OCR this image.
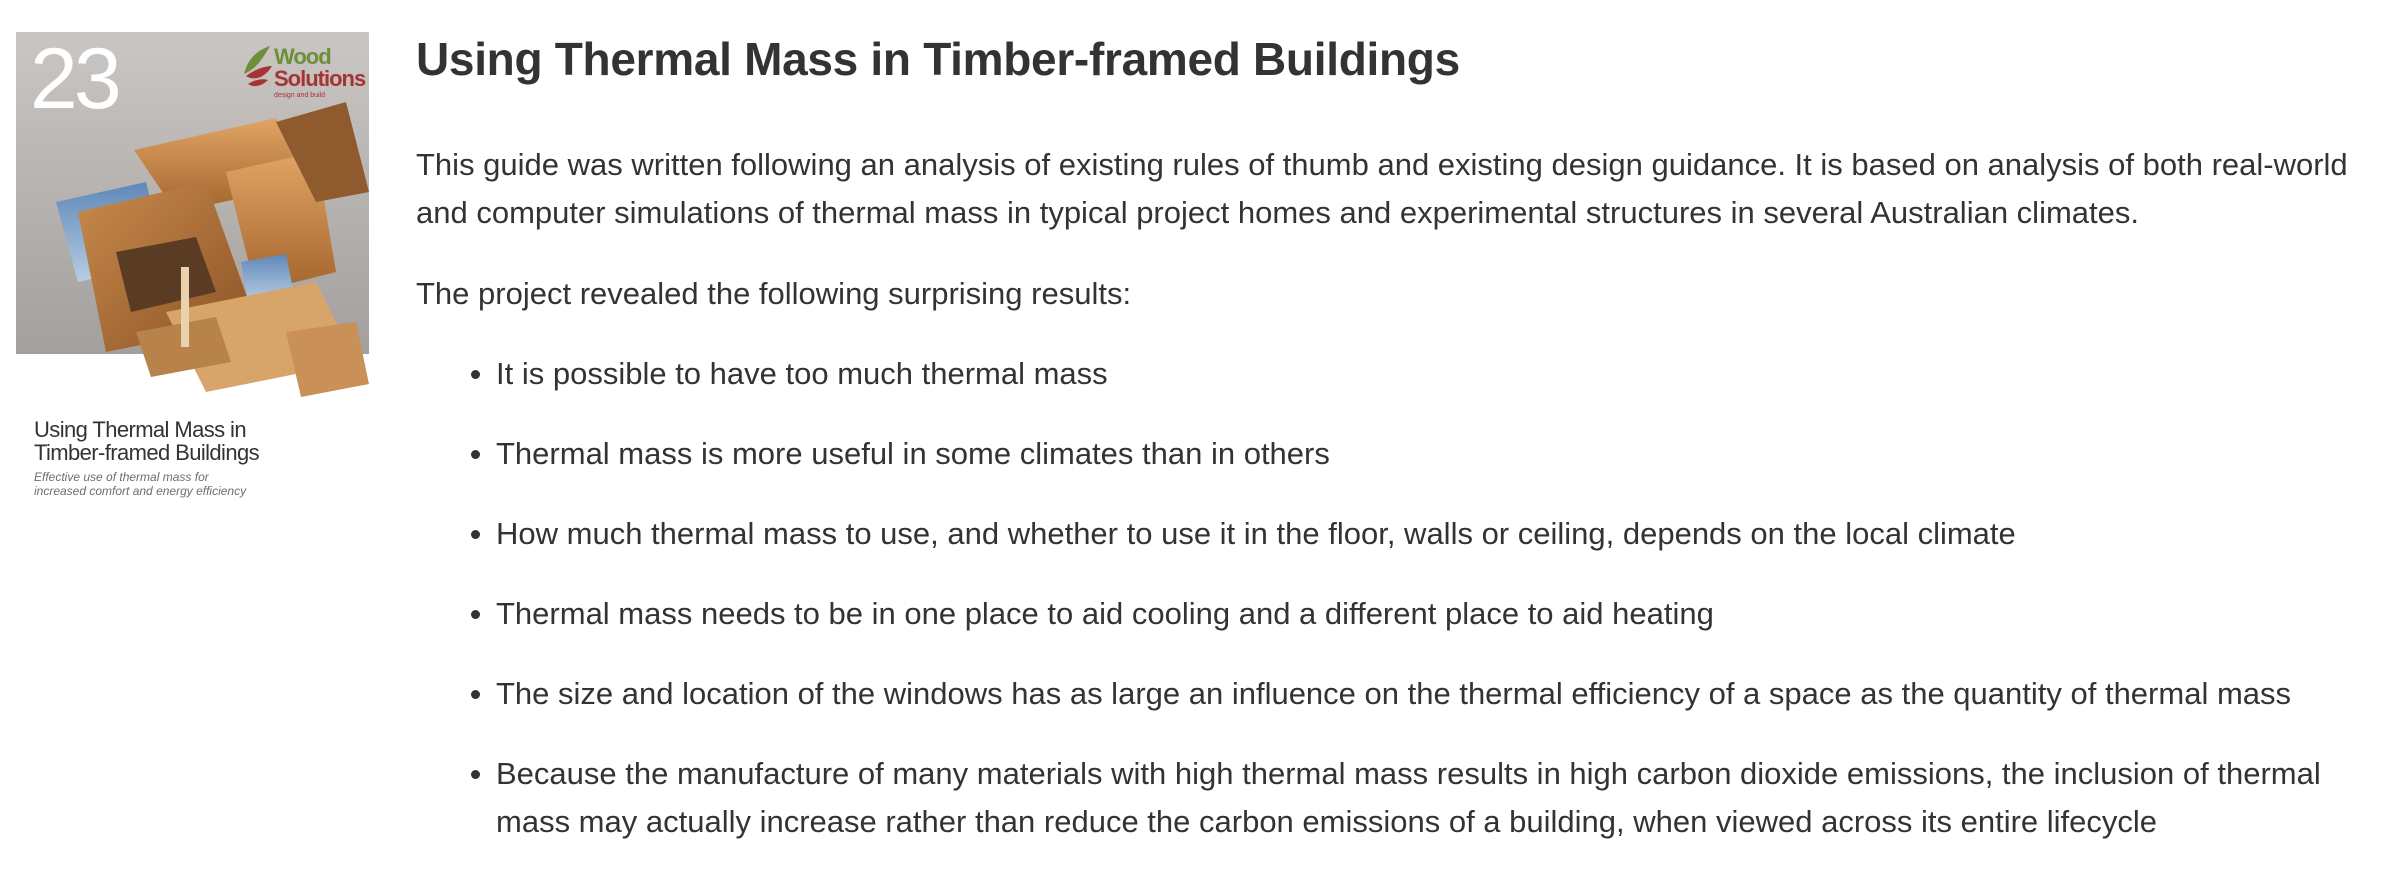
23	Wood
Solutions
design and build
Using Thermal Mass in
Timber-framed Buildings
Effective use of thermal mass for
increased comfort and energy efficiency
Using Thermal Mass in Timber-framed Buildings

This guide was written following an analysis of existing rules of thumb and existing design guidance. It is based on analysis of both real-world and computer simulations of thermal mass in typical project homes and experimental structures in several Australian climates.

The project revealed the following surprising results:

It is possible to have too much thermal mass
Thermal mass is more useful in some climates than in others
How much thermal mass to use, and whether to use it in the floor, walls or ceiling, depends on the local climate
Thermal mass needs to be in one place to aid cooling and a different place to aid heating
The size and location of the windows has as large an influence on the thermal efficiency of a space as the quantity of thermal mass
Because the manufacture of many materials with high thermal mass results in high carbon dioxide emissions, the inclusion of thermal mass may actually increase rather than reduce the carbon emissions of a building, when viewed across its entire lifecycle
